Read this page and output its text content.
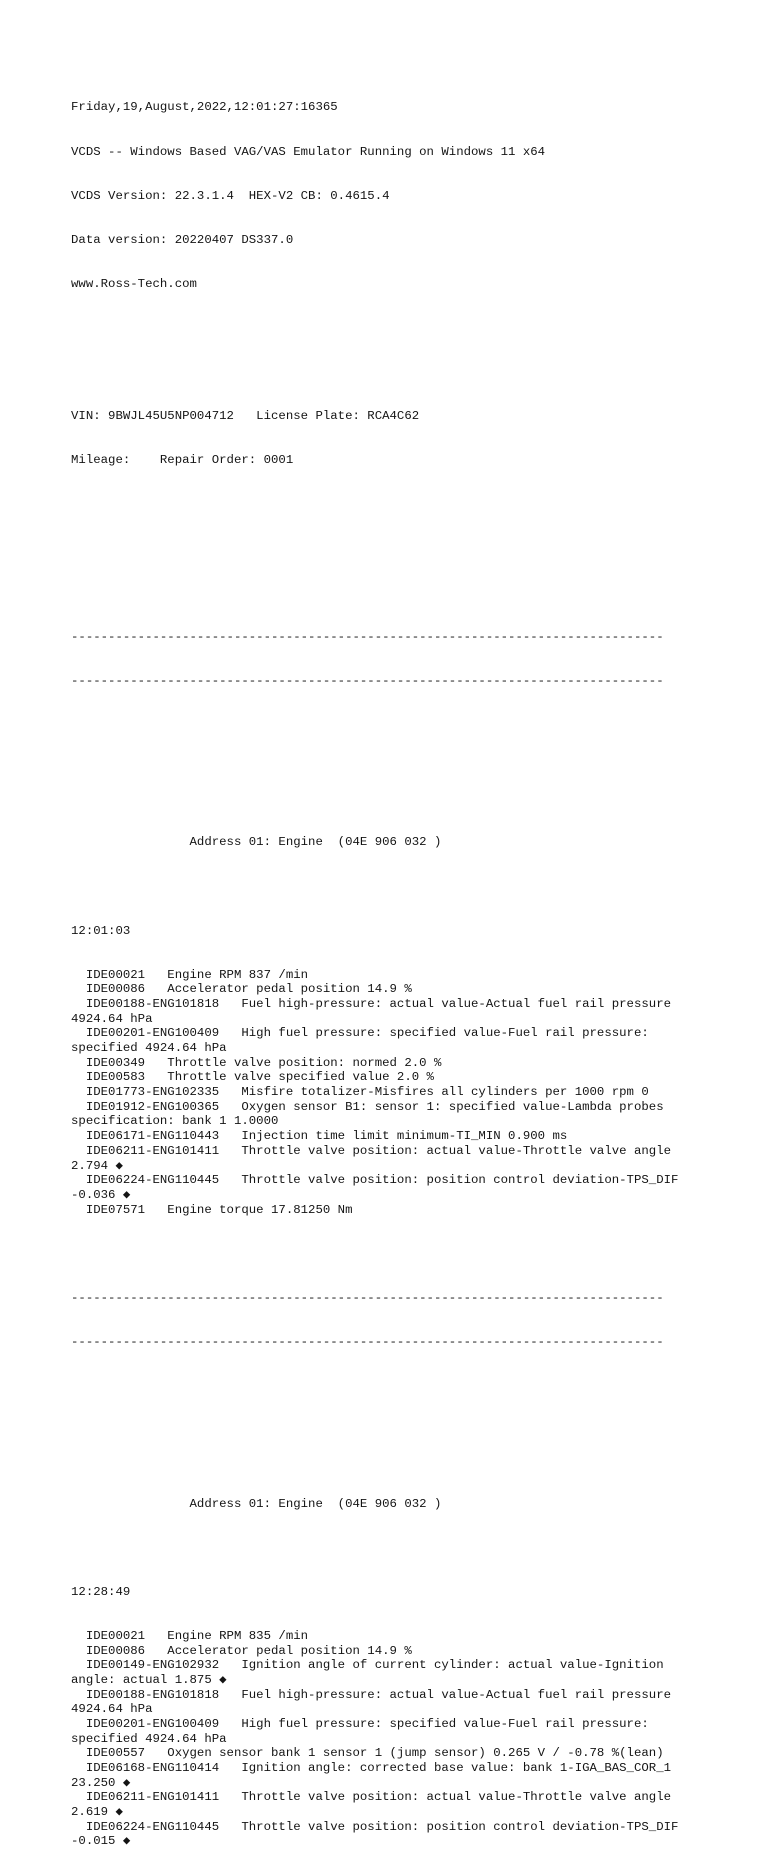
Friday,19,August,2022,12:01:27:16365

VCDS -- Windows Based VAG/VAS Emulator Running on Windows 11 x64

VCDS Version: 22.3.1.4  HEX-V2 CB: 0.4615.4

Data version: 20220407 DS337.0

www.Ross-Tech.com

VIN: 9BWJL45U5NP004712   License Plate: RCA4C62

Mileage:    Repair Order: 0001

--------------------------------------------------------------------------------

--------------------------------------------------------------------------------

Address 01: Engine  (04E 906 032 )

12:01:03

IDE00021   Engine RPM 837 /min
IDE00086   Accelerator pedal position 14.9 %
IDE00188-ENG101818   Fuel high-pressure: actual value-Actual fuel rail pressure
4924.64 hPa
IDE00201-ENG100409   High fuel pressure: specified value-Fuel rail pressure:
specified 4924.64 hPa
IDE00349   Throttle valve position: normed 2.0 %
IDE00583   Throttle valve specified value 2.0 %
IDE01773-ENG102335   Misfire totalizer-Misfires all cylinders per 1000 rpm 0
IDE01912-ENG100365   Oxygen sensor B1: sensor 1: specified value-Lambda probes
specification: bank 1 1.0000
IDE06171-ENG110443   Injection time limit minimum-TI_MIN 0.900 ms
IDE06211-ENG101411   Throttle valve position: actual value-Throttle valve angle
2.794 ◆
IDE06224-ENG110445   Throttle valve position: position control deviation-TPS_DIF
-0.036 ◆
IDE07571   Engine torque 17.81250 Nm

--------------------------------------------------------------------------------

--------------------------------------------------------------------------------

Address 01: Engine  (04E 906 032 )

12:28:49

IDE00021   Engine RPM 835 /min
IDE00086   Accelerator pedal position 14.9 %
IDE00149-ENG102932   Ignition angle of current cylinder: actual value-Ignition
angle: actual 1.875 ◆
IDE00188-ENG101818   Fuel high-pressure: actual value-Actual fuel rail pressure
4924.64 hPa
IDE00201-ENG100409   High fuel pressure: specified value-Fuel rail pressure:
specified 4924.64 hPa
IDE00557   Oxygen sensor bank 1 sensor 1 (jump sensor) 0.265 V / -0.78 %(lean)
IDE06168-ENG110414   Ignition angle: corrected base value: bank 1-IGA_BAS_COR_1
23.250 ◆
IDE06211-ENG101411   Throttle valve position: actual value-Throttle valve angle
2.619 ◆
IDE06224-ENG110445   Throttle valve position: position control deviation-TPS_DIF
-0.015 ◆
